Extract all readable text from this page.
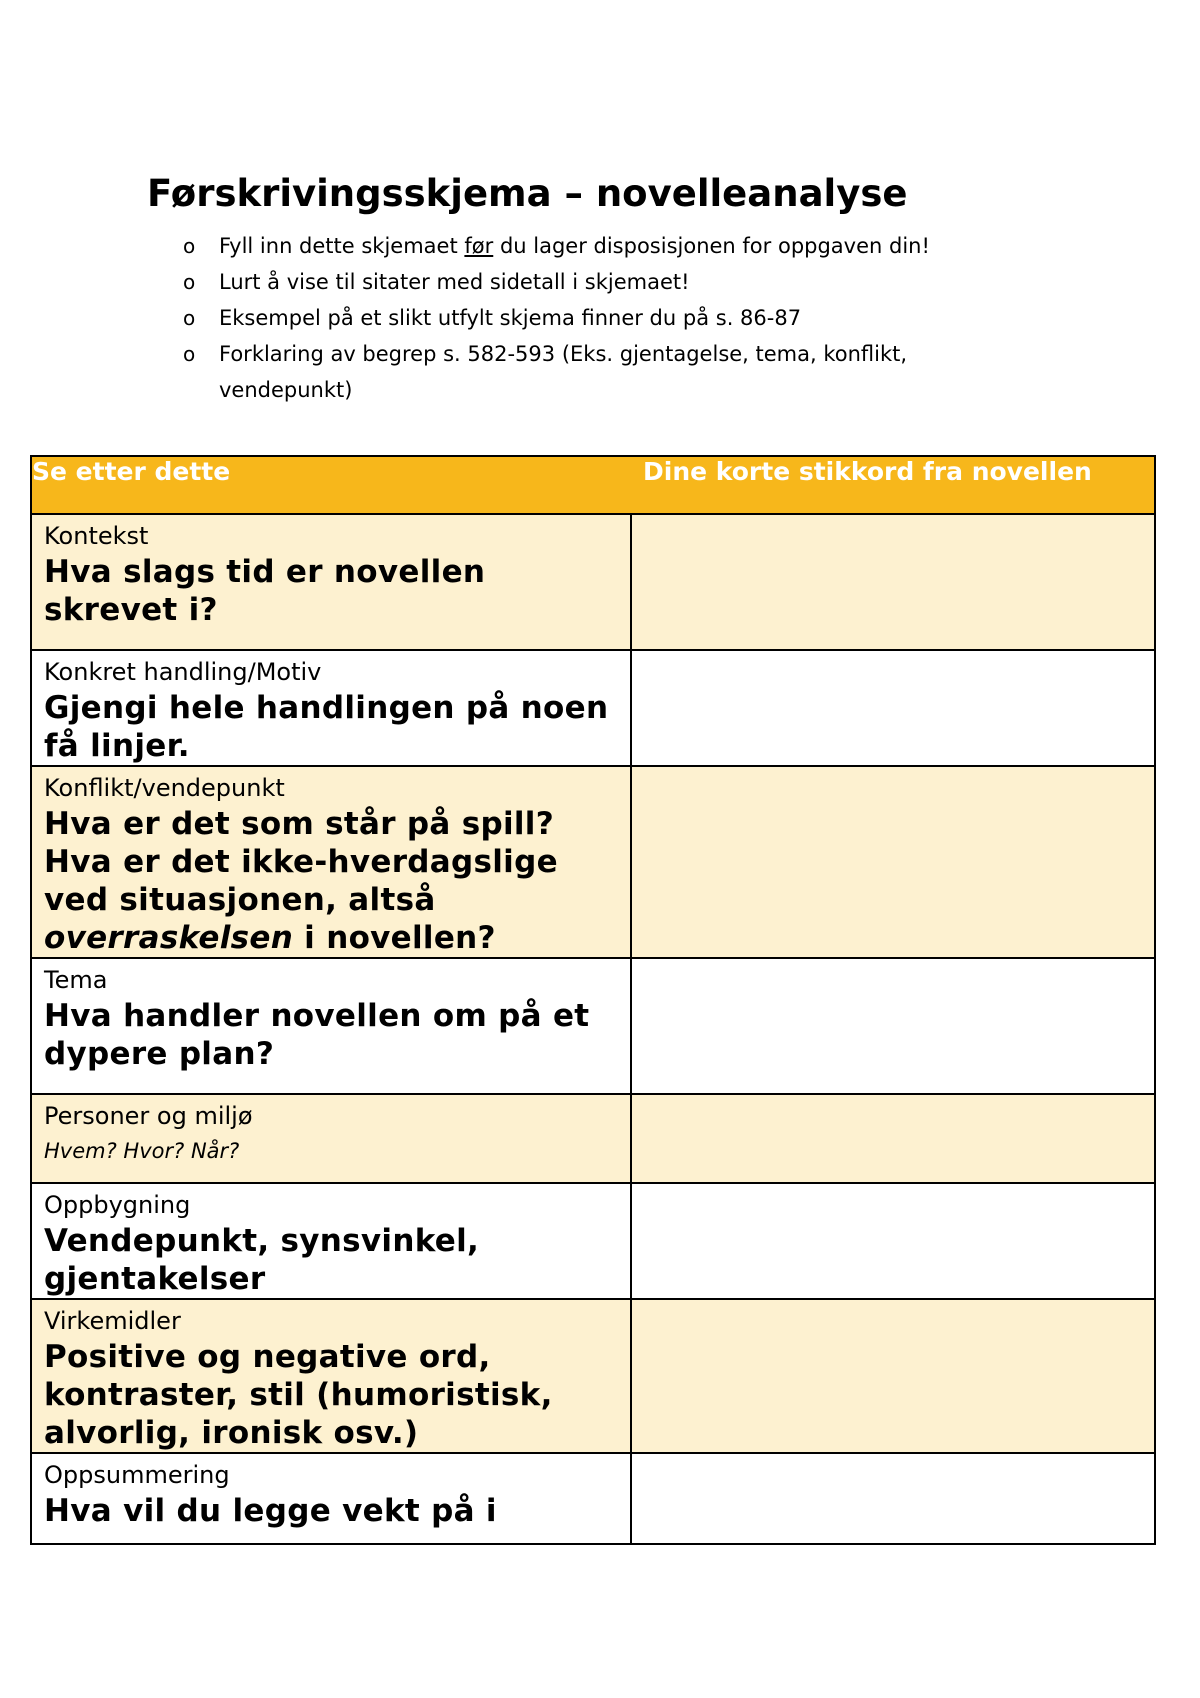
Førskrivingsskjema – novelleanalyse
o Fyll inn dette skjemaet før du lager disposisjonen for oppgaven din!
o Lurt å vise til sitater med sidetall i skjemaet!
o Eksempel på et slikt utfylt skjema finner du på s. 86-87
o Forklaring av begrep s. 582-593 (Eks. gjentagelse, tema, konflikt, vendepunkt)
Se etter dette	Dine korte stikkord fra novellen

Kontekst
Hva slags tid er novellen skrevet i?	

Konkret handling/Motiv
Gjengi hele handlingen på noen få linjer.	

Konflikt/vendepunkt
Hva er det som står på spill? Hva er det ikke-hverdagslige ved situasjonen, altså overraskelsen i novellen?	

Tema
Hva handler novellen om på et dypere plan?	

Personer og miljø
Hvem? Hvor? Når?	

Oppbygning
Vendepunkt, synsvinkel, gjentakelser	

Virkemidler
Positive og negative ord, kontraster, stil (humoristisk, alvorlig, ironisk osv.)	

Oppsummering
Hva vil du legge vekt på i	
